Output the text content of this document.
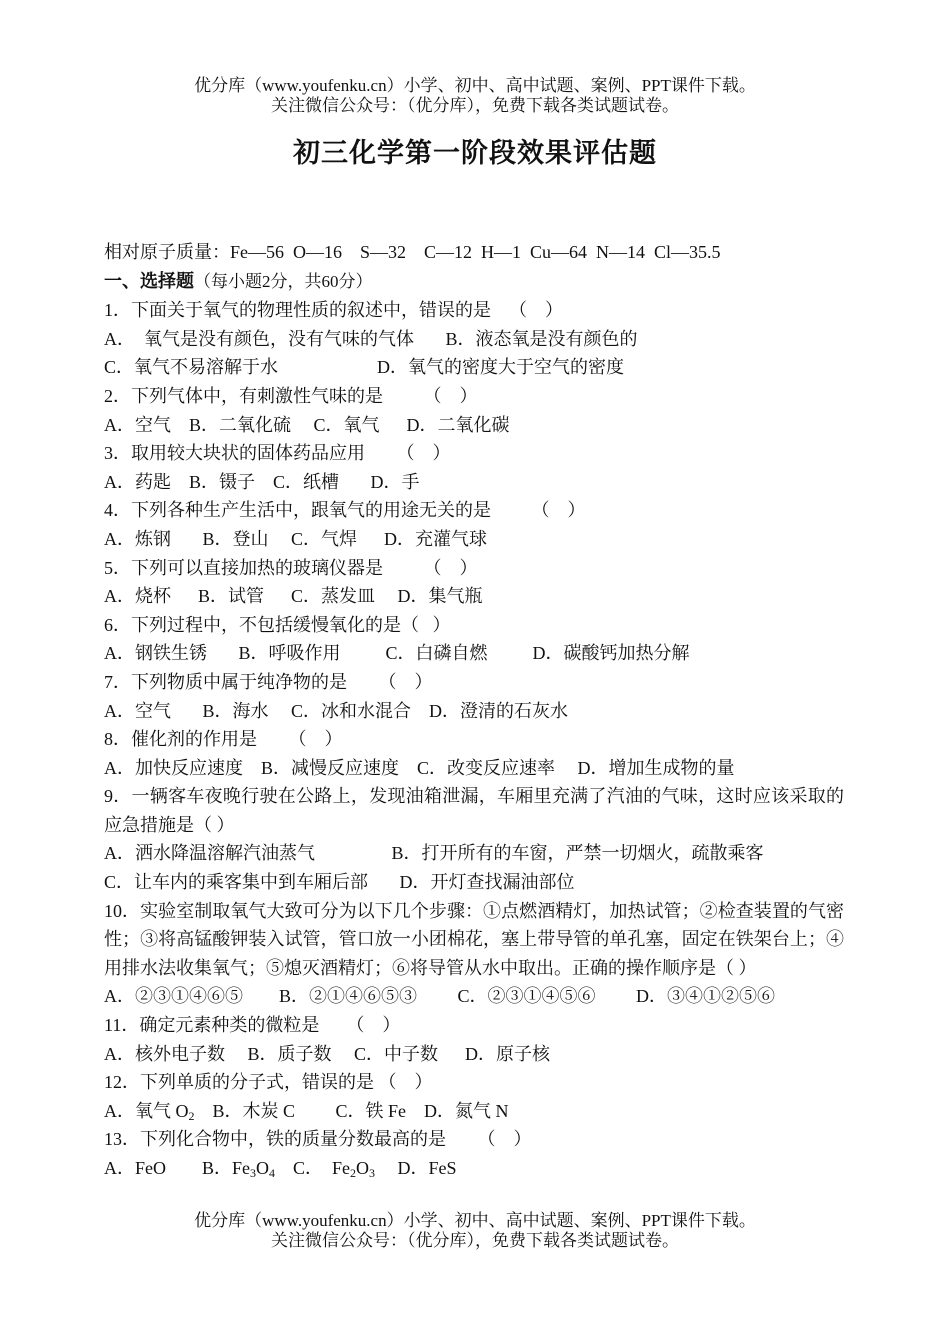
优分库（www.youfenku.cn）小学、初中、高中试题、案例、PPT课件下载。
关注微信公众号：（优分库），免费下载各类试题试卷。
初三化学第一阶段效果评估题
相对原子质量：Fe—56  O—16    S—32    C—12  H—1  Cu—64  N—14  Cl—35.5
一、选择题（每小题2分，共60分）
1．下面关于氧气的物理性质的叙述中，错误的是    （    ）
A．  氧气是没有颜色，没有气味的气体       B．液态氧是没有颜色的
C．氧气不易溶解于水                      D．氧气的密度大于空气的密度
2．下列气体中，有刺激性气味的是         （    ）
A．空气    B．二氧化硫     C．氧气      D．二氧化碳
3．取用较大块状的固体药品应用       （    ）
A．药匙    B．镊子    C．纸槽       D．手
4．下列各种生产生活中，跟氧气的用途无关的是         （    ）
A．炼钢       B．登山     C．气焊      D．充灌气球
5．下列可以直接加热的玻璃仪器是         （    ）
A．烧杯      B．试管      C．蒸发皿     D．集气瓶
6．下列过程中，不包括缓慢氧化的是（   ）
A．钢铁生锈       B．呼吸作用          C．白磷自燃          D．碳酸钙加热分解
7．下列物质中属于纯净物的是       （    ）
A．空气       B．海水     C．冰和水混合    D．澄清的石灰水
8．催化剂的作用是       （    ）
A．加快反应速度    B．减慢反应速度    C．改变反应速率     D．增加生成物的量
9．一辆客车夜晚行驶在公路上，发现油箱泄漏，车厢里充满了汽油的气味，这时应该采取的应急措施是（ ）
A．洒水降温溶解汽油蒸气                 B．打开所有的车窗，严禁一切烟火，疏散乘客
C．让车内的乘客集中到车厢后部       D．开灯查找漏油部位
10．实验室制取氧气大致可分为以下几个步骤：①点燃酒精灯，加热试管；②检查装置的气密性；③将高锰酸钾装入试管，管口放一小团棉花，塞上带导管的单孔塞，固定在铁架台上；④用排水法收集氧气；⑤熄灭酒精灯；⑥将导管从水中取出。正确的操作顺序是（ ）
A．②③①④⑥⑤        B．②①④⑥⑤③         C．②③①④⑤⑥         D．③④①②⑤⑥
11．确定元素种类的微粒是      （    ）
A．核外电子数     B．质子数     C．中子数      D．原子核
12．下列单质的分子式，错误的是 （    ）
A．氧气 $O_2$    B．木炭 C         C．铁 Fe    D．氮气 N
13．下列化合物中，铁的质量分数最高的是       （    ）
A．FeO        B．$Fe_3O_4$    C．  $Fe_2O_3$     D．FeS
优分库（www.youfenku.cn）小学、初中、高中试题、案例、PPT课件下载。
关注微信公众号：（优分库），免费下载各类试题试卷。
